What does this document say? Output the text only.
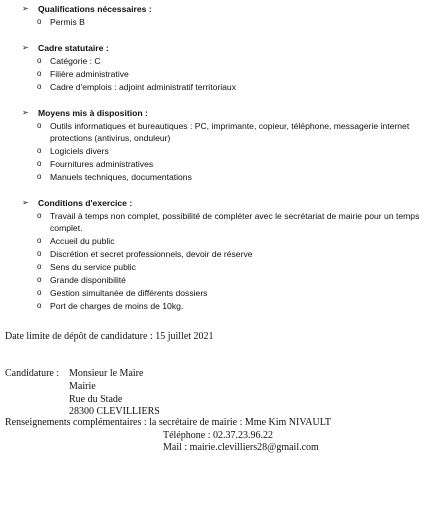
➢ Qualifications nécessaires :
o Permis B
➢ Cadre statutaire :
o Catégorie : C
o Filière administrative
o Cadre d'emplois : adjoint administratif territoriaux
➢ Moyens mis à disposition :
o Outils informatiques et bureautiques : PC, imprimante, copieur, téléphone, messagerie internet
protections (antivirus, onduleur)
o Logiciels divers
o Fournitures administratives
o Manuels techniques, documentations
➢ Conditions d'exercice :
o Travail à temps non complet, possibilité de compléter avec le secrétariat de mairie pour un temps
complet.
o Accueil du public
o Discrétion et secret professionnels, devoir de réserve
o Sens du service public
o Grande disponibilité
o Gestion simultanée de différents dossiers
o Port de charges de moins de 10kg.
Date limite de dépôt de candidature : 15 juillet 2021
Candidature : Monsieur le Maire
Mairie
Rue du Stade
28300 CLEVILLIERS
Renseignements complémentaires : la secrétaire de mairie : Mme Kim NIVAULT
Téléphone : 02.37.23.96.22
Mail : mairie.clevilliers28@gmail.com
